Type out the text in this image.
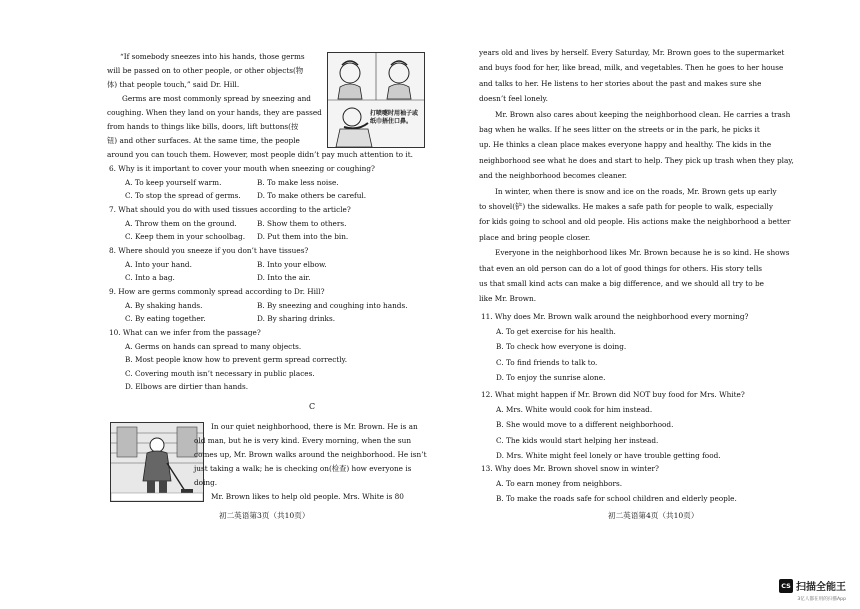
“If somebody sneezes into his hands, those germs
will be passed on to other people, or other objects(物
体) that people touch,” said Dr. Hill.
Germs are most commonly spread by sneezing and
coughing. When they land on your hands, they are passed
from hands to things like bills, doors, lift buttons(按
钮) and other surfaces. At the same time, the people
around you can touch them. However, most people didn’t pay much attention to it.
打喷嚏时用袖子或纸巾捂住口鼻。
6. Why is it important to cover your mouth when sneezing or coughing?
A. To keep yourself warm.	B. To make less noise.
C. To stop the spread of germs. D. To make others be careful.
7. What should you do with used tissues according to the article?
A. Throw them on the ground.	B. Show them to others.
C. Keep them in your schoolbag. D. Put them into the bin.
8. Where should you sneeze if you don’t have tissues?
A. Into your hand.	B. Into your elbow.
C. Into a bag.	D. Into the air.
9. How are germs commonly spread according to Dr. Hill?
A. By shaking hands.	B. By sneezing and coughing into hands.
C. By eating together.	D. By sharing drinks.
10. What can we infer from the passage?
A. Germs on hands can spread to many objects.
B. Most people know how to prevent germ spread correctly.
C. Covering mouth isn’t necessary in public places.
D. Elbows are dirtier than hands.
C
In our quiet neighborhood, there is Mr. Brown. He is an
old man, but he is very kind. Every morning, when the sun
comes up, Mr. Brown walks around the neighborhood. He isn’t
just taking a walk; he is checking on(检查) how everyone is
doing.
Mr. Brown likes to help old people. Mrs. White is 80
初二英语第3页（共10页）
years old and lives by herself. Every Saturday, Mr. Brown goes to the supermarket
and buys food for her, like bread, milk, and vegetables. Then he goes to her house
and talks to her. He listens to her stories about the past and makes sure she
doesn’t feel lonely.
Mr. Brown also cares about keeping the neighborhood clean. He carries a trash
bag when he walks. If he sees litter on the streets or in the park, he picks it
up. He thinks a clean place makes everyone happy and healthy. The kids in the
neighborhood see what he does and start to help. They pick up trash when they play,
and the neighborhood becomes cleaner.
In winter, when there is snow and ice on the roads, Mr. Brown gets up early
to shovel(铲) the sidewalks. He makes a safe path for people to walk, especially
for kids going to school and old people. His actions make the neighborhood a better
place and bring people closer.
Everyone in the neighborhood likes Mr. Brown because he is so kind. He shows
that even an old person can do a lot of good things for others. His story tells
us that small kind acts can make a big difference, and we should all try to be
like Mr. Brown.
11. Why does Mr. Brown walk around the neighborhood every morning?
A. To get exercise for his health.
B. To check how everyone is doing.
C. To find friends to talk to.
D. To enjoy the sunrise alone.
12. What might happen if Mr. Brown did NOT buy food for Mrs. White?
A. Mrs. White would cook for him instead.
B. She would move to a different neighborhood.
C. The kids would start helping her instead.
D. Mrs. White might feel lonely or have trouble getting food.
13. Why does Mr. Brown shovel snow in winter?
A. To earn money from neighbors.
B. To make the roads safe for school children and elderly people.
初二英语第4页（共10页）
CS 扫描全能王
3亿人都在用的扫描App
